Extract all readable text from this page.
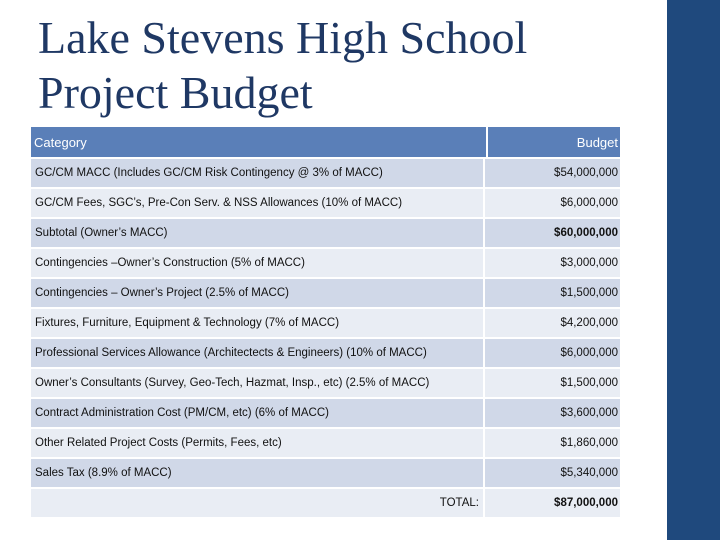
Lake Stevens High School
Project Budget
Category	Budget
GC/CM MACC (Includes GC/CM Risk Contingency @ 3% of MACC)	$54,000,000
GC/CM Fees, SGC’s, Pre-Con Serv. & NSS Allowances (10% of MACC)	$6,000,000
Subtotal (Owner’s MACC)	$60,000,000
Contingencies –Owner’s Construction (5% of MACC)	$3,000,000
Contingencies – Owner’s Project (2.5% of MACC)	$1,500,000
Fixtures, Furniture, Equipment & Technology (7% of MACC)	$4,200,000
Professional Services Allowance (Architectects & Engineers) (10% of MACC)	$6,000,000
Owner’s Consultants (Survey, Geo-Tech, Hazmat, Insp., etc) (2.5% of MACC)	$1,500,000
Contract Administration Cost (PM/CM, etc) (6% of MACC)	$3,600,000
Other Related Project Costs (Permits, Fees, etc)	$1,860,000
Sales Tax (8.9% of MACC)	$5,340,000
TOTAL:	$87,000,000
